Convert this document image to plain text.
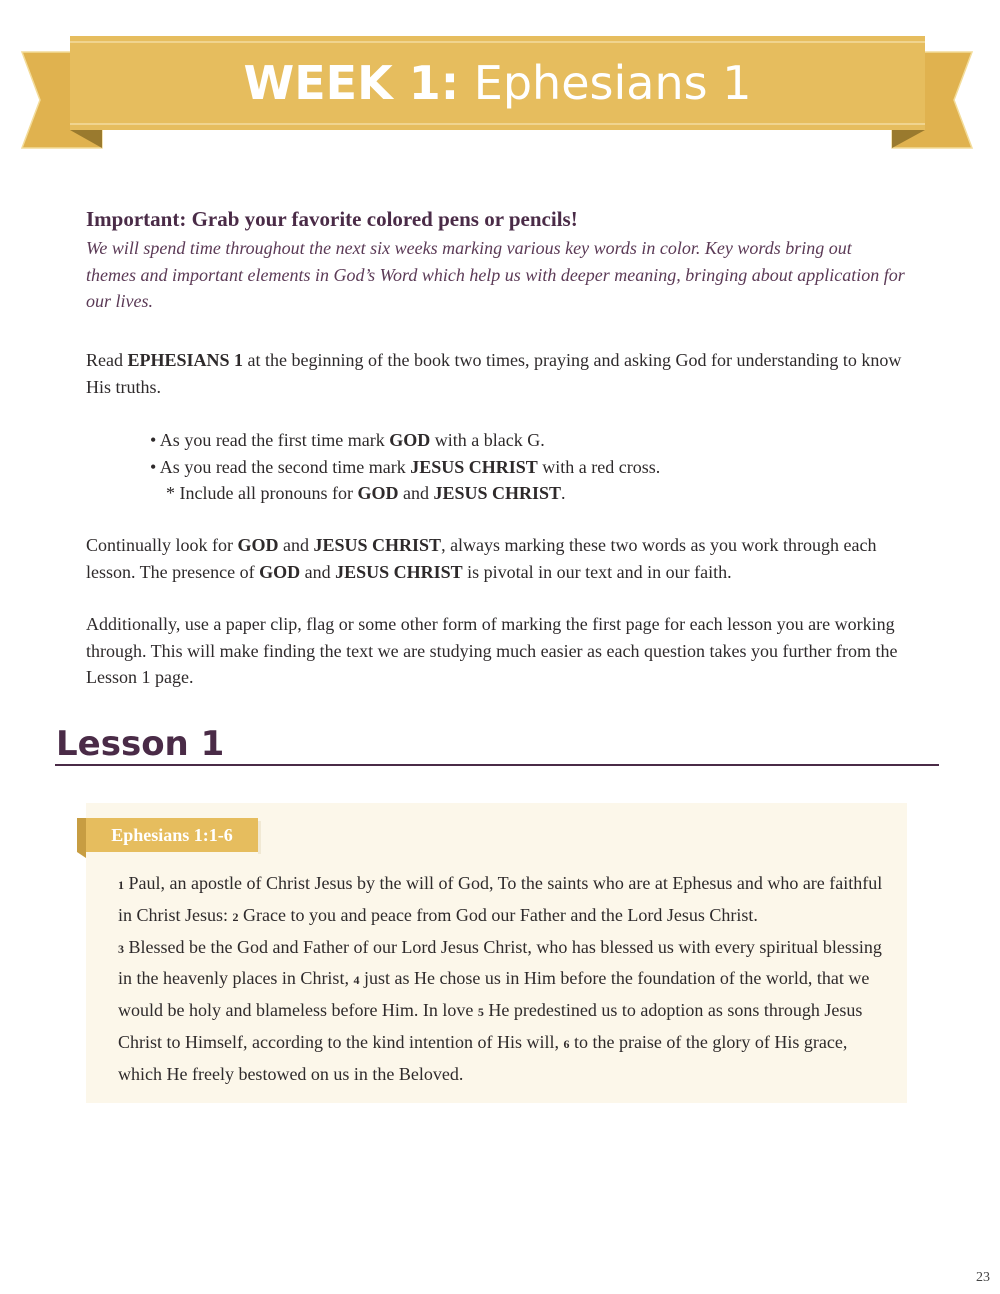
WEEK 1: Ephesians 1

Important: Grab your favorite colored pens or pencils!

We will spend time throughout the next six weeks marking various key words in color. Key words bring out themes and important elements in God’s Word which help us with deeper meaning, bringing about application for our lives.

Read EPHESIANS 1 at the beginning of the book two times, praying and asking God for understanding to know His truths.

• As you read the first time mark GOD with a black G.
• As you read the second time mark JESUS CHRIST with a red cross.
* Include all pronouns for GOD and JESUS CHRIST.

Continually look for GOD and JESUS CHRIST, always marking these two words as you work through each lesson. The presence of GOD and JESUS CHRIST is pivotal in our text and in our faith.

Additionally, use a paper clip, flag or some other form of marking the first page for each lesson you are working through. This will make finding the text we are studying much easier as each question takes you further from the Lesson 1 page.

Lesson 1
Ephesians 1:1-6

1 Paul, an apostle of Christ Jesus by the will of God, To the saints who are at Ephesus and who are faithful in Christ Jesus: 2 Grace to you and peace from God our Father and the Lord Jesus Christ.
3 Blessed be the God and Father of our Lord Jesus Christ, who has blessed us with every spiritual blessing in the heavenly places in Christ, 4 just as He chose us in Him before the foundation of the world, that we would be holy and blameless before Him. In love 5 He predestined us to adoption as sons through Jesus Christ to Himself, according to the kind intention of His will, 6 to the praise of the glory of His grace, which He freely bestowed on us in the Beloved.

23
